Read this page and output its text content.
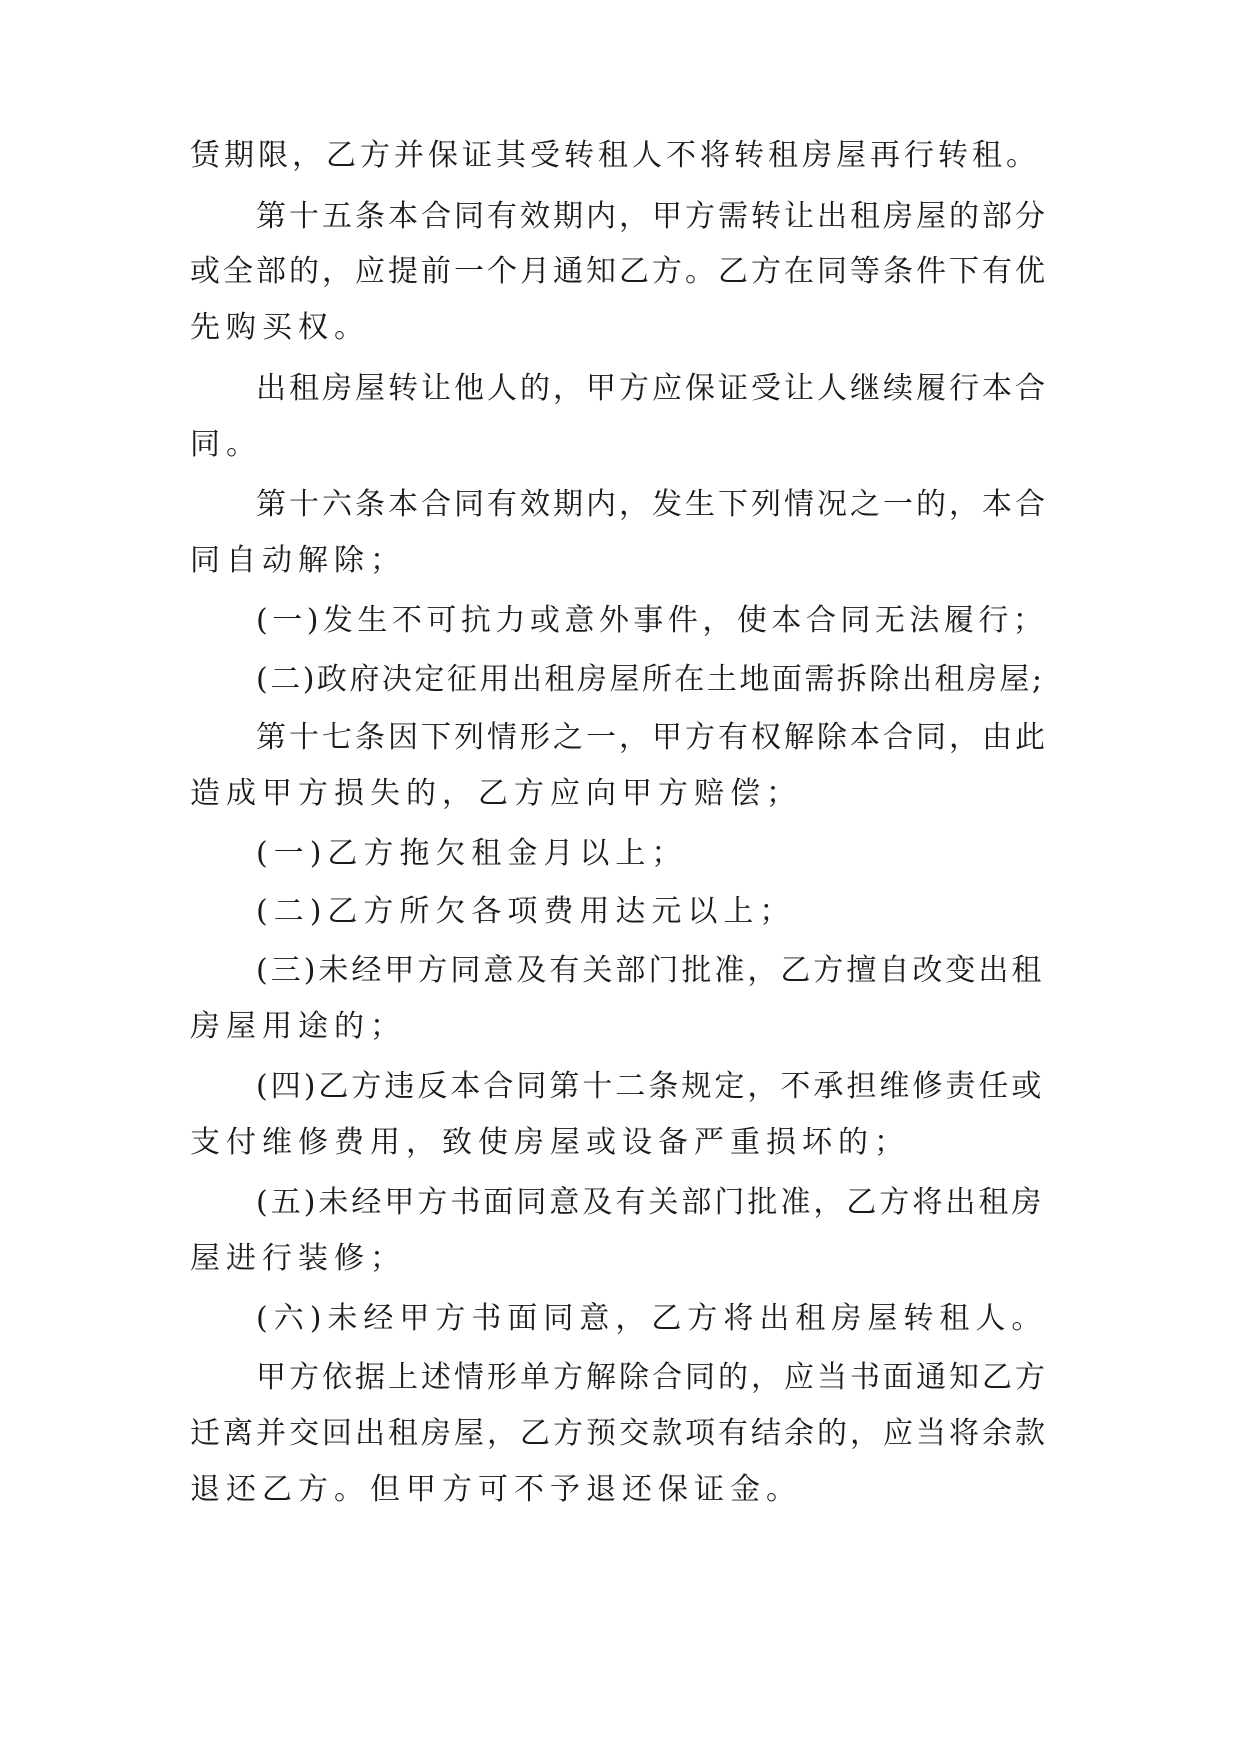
赁期限，乙方并保证其受转租人不将转租房屋再行转租。
第十五条本合同有效期内，甲方需转让出租房屋的部分
或全部的，应提前一个月通知乙方。乙方在同等条件下有优
先购买权。
出租房屋转让他人的，甲方应保证受让人继续履行本合
同。
第十六条本合同有效期内，发生下列情况之一的，本合
同自动解除；
(一)发生不可抗力或意外事件，使本合同无法履行；
(二)政府决定征用出租房屋所在土地面需拆除出租房屋;
第十七条因下列情形之一，甲方有权解除本合同，由此
造成甲方损失的，乙方应向甲方赔偿；
(一)乙方拖欠租金月以上；
(二)乙方所欠各项费用达元以上；
(三)未经甲方同意及有关部门批准，乙方擅自改变出租
房屋用途的；
(四)乙方违反本合同第十二条规定，不承担维修责任或
支付维修费用，致使房屋或设备严重损坏的；
(五)未经甲方书面同意及有关部门批准，乙方将出租房
屋进行装修；
(六)未经甲方书面同意，乙方将出租房屋转租人。
甲方依据上述情形单方解除合同的，应当书面通知乙方
迁离并交回出租房屋，乙方预交款项有结余的，应当将余款
退还乙方。但甲方可不予退还保证金。
